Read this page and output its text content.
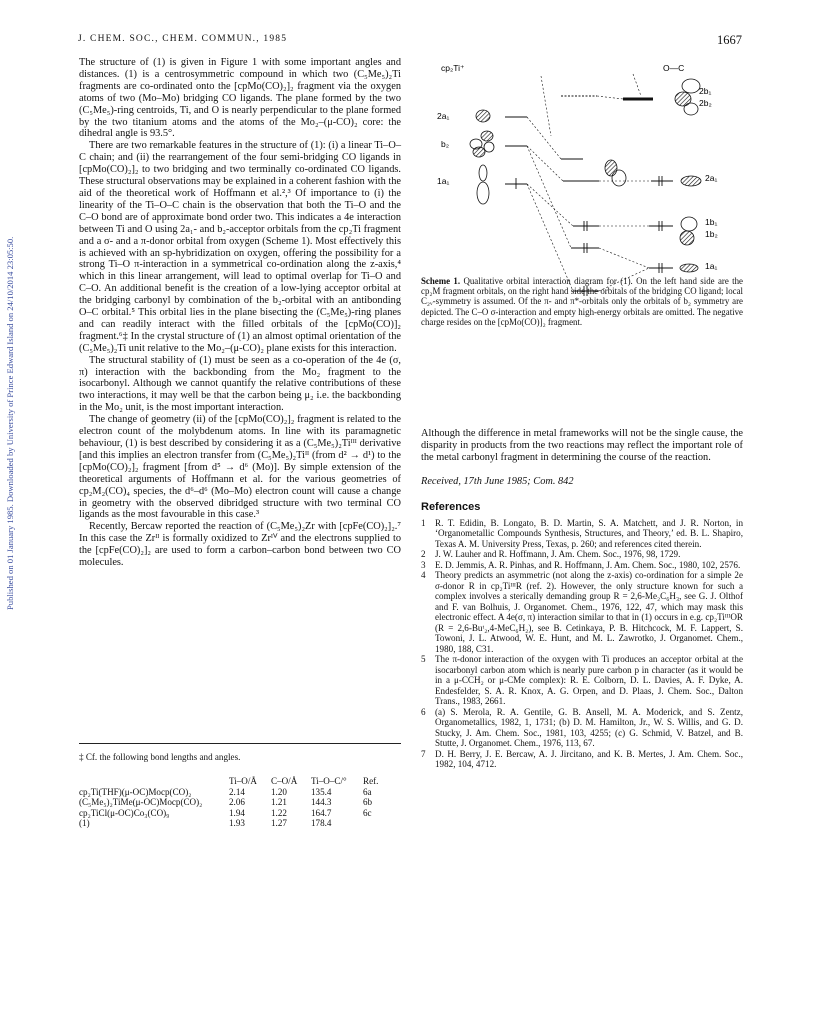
J. CHEM. SOC., CHEM. COMMUN., 1985	1667
Published on 01 January 1985. Downloaded by University of Prince Edward Island on 24/10/2014 23:05:50.

The structure of (1) is given in Figure 1 with some important angles and distances. (1) is a centrosymmetric compound in which two (C₅Me₅)₂Ti fragments are co-ordinated onto the [cpMo(CO)₂]₂ fragment via the oxygen atoms of two (Mo–Mo) bridging CO ligands. The plane formed by the two (C₅Me₅)-ring centroids, Ti, and O is nearly perpendicular to the plane formed by the two titanium atoms and the atoms of the Mo₂–(μ-CO)₂ core: the dihedral angle is 93.5°.

There are two remarkable features in the structure of (1): (i) a linear Ti–O–C chain; and (ii) the rearrangement of the four semi-bridging CO ligands in [cpMo(CO)₂]₂ to two bridging and two terminally co-ordinated CO ligands. These structural observations may be explained in a coherent fashion with the aid of the theoretical work of Hoffmann et al.²,³ Of importance to (i) the linearity of the Ti–O–C chain is the observation that both the Ti–O and the C–O bond are of approximate bond order two. This indicates a 4e interaction between Ti and O using 2a₁- and b₂-acceptor orbitals from the cp₂Ti fragment and a σ- and a π-donor orbital from oxygen (Scheme 1). Most effectively this is achieved with an sp-hybridization on oxygen, offering the possibility for a strong Ti–O π-interaction in a symmetrical co-ordination along the z-axis,⁴ which in this linear arrangement, will lead to optimal overlap for Ti–O and C–O. An additional benefit is the creation of a low-lying acceptor orbital at the bridging carbonyl by combination of the b₂-orbital with an antibonding O–C orbital.⁵ This orbital lies in the plane bisecting the (C₅Me₅)-ring planes and can readily interact with the filled orbitals of the [cpMo(CO)]₂ fragment.⁶‡ In the crystal structure of (1) an almost optimal orientation of the (C₅Me₅)₂Ti unit relative to the Mo₂–(μ-CO)₂ plane exists for this interaction.

The structural stability of (1) must be seen as a co-operation of the 4e (σ, π) interaction with the backbonding from the Mo₂ fragment to the isocarbonyl. Although we cannot quantify the relative contributions of these two interactions, it may well be that the carbon being μ₂ i.e. the backbonding in the Mo₂ unit, is the most important interaction.

The change of geometry (ii) of the [cpMo(CO)₂]₂ fragment is related to the electron count of the molybdenum atoms. In line with its paramagnetic behaviour, (1) is best described by considering it as a (C₅Me₅)₂Tiᴵᴵᴵ derivative [and this implies an electron transfer from (C₅Me₅)₂Tiᴵᴵ (from d² → d¹) to the [cpMo(CO)₂]₂ fragment [from d⁵ → d⁶ (Mo)]. By simple extension of the theoretical arguments of Hoffmann et al. for the various geometries of cp₂M₂(CO)₄ species, the d⁶–d⁶ (Mo–Mo) electron count will cause a change in geometry with the observed dibridged structure with two terminal CO ligands as the most favourable in this case.³

Recently, Bercaw reported the reaction of (C₅Me₅)₂Zr with [cpFe(CO)₂]₂.⁷ In this case the Zrᴵᴵ is formally oxidized to Zrᴵⱽ and the electrons supplied to the [cpFe(CO)₂]₂ are used to form a carbon–carbon bond between two CO molecules.

‡ Cf. the following bond lengths and angles.
	Ti–O/Å	C–O/Å	Ti–O–C/°	Ref.
cp₂Ti(THF)(μ-OC)Mocp(CO)₂	2.14	1.20	135.4	6a
(C₅Me₅)₂TiMe(μ-OC)Mocp(CO)₂	2.06	1.21	144.3	6b
cp₂TiCl(μ-OC)Co₃(CO)₉	1.94	1.22	164.7	6c
(1)	1.93	1.27	178.4	
cp₂Ti⁺	O—C
2a₁
b₂
1a₁
2b₁
2b₂
2a₁
1b₁
1b₂
1a₁

Scheme 1. Qualitative orbital interaction diagram for (1). On the left hand side are the cp₂M fragment orbitals, on the right hand side the orbitals of the bridging CO ligand; local C₂ᵥ-symmetry is assumed. Of the π- and π*-orbitals only the orbitals of b₂ symmetry are depicted. The C–O σ-interaction and empty high-energy orbitals are omitted. The negative charge resides on the [cpMo(CO)]₂ fragment.

Although the difference in metal frameworks will not be the single cause, the disparity in products from the two reactions may reflect the important role of the metal carbonyl fragment in determining the course of the reaction.

Received, 17th June 1985; Com. 842

References
1 R. T. Edidin, B. Longato, B. D. Martin, S. A. Matchett, and J. R. Norton, in ‘Organometallic Compounds Synthesis, Structures, and Theory,’ ed. B. L. Shapiro, Texas A. M. University Press, Texas, p. 260; and references cited therein.
2 J. W. Lauher and R. Hoffmann, J. Am. Chem. Soc., 1976, 98, 1729.
3 E. D. Jemmis, A. R. Pinhas, and R. Hoffmann, J. Am. Chem. Soc., 1980, 102, 2576.
4 Theory predicts an asymmetric (not along the z-axis) co-ordination for a simple 2e σ-donor R in cp₂TiᴵᴵᴵR (ref. 2). However, the only structure known for such a complex involves a sterically demanding group R = 2,6-Me₂C₆H₃, see G. J. Olthof and F. van Bolhuis, J. Organomet. Chem., 1976, 122, 47, which may mask this electronic effect. A 4e(σ, π) interaction similar to that in (1) occurs in e.g. cp₂TiᴵᴵᴵOR (R = 2,6-Buᵗ₂,4-MeC₆H₂), see B. Cetinkaya, P. B. Hitchcock, M. F. Lappert, S. Towoni, J. L. Atwood, W. E. Hunt, and M. L. Zawrotko, J. Organomet. Chem., 1980, 188, C31.
5 The π-donor interaction of the oxygen with Ti produces an acceptor orbital at the isocarbonyl carbon atom which is nearly pure carbon p in character (as it would be in a μ-CCH₂ or μ-CMe complex): R. E. Colborn, D. L. Davies, A. F. Dyke, A. Endesfelder, S. A. R. Knox, A. G. Orpen, and D. Plaas, J. Chem. Soc., Dalton Trans., 1983, 2661.
6 (a) S. Merola, R. A. Gentile, G. B. Ansell, M. A. Moderick, and S. Zentz, Organometallics, 1982, 1, 1731; (b) D. M. Hamilton, Jr., W. S. Willis, and G. D. Stucky, J. Am. Chem. Soc., 1981, 103, 4255; (c) G. Schmid, V. Batzel, and B. Stutte, J. Organomet. Chem., 1976, 113, 67.
7 D. H. Berry, J. E. Bercaw, A. J. Jircitano, and K. B. Mertes, J. Am. Chem. Soc., 1982, 104, 4712.
